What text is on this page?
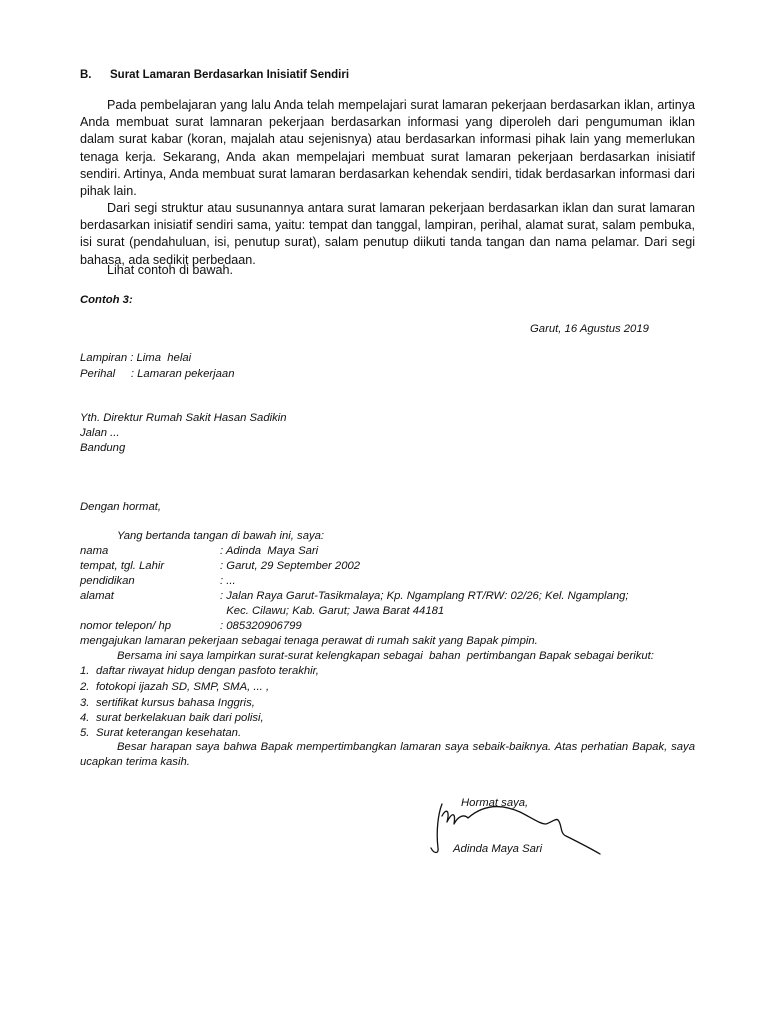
B. Surat Lamaran Berdasarkan Inisiatif Sendiri

Pada pembelajaran yang lalu Anda telah mempelajari surat lamaran pekerjaan berdasarkan iklan, artinya Anda membuat surat lamnaran pekerjaan berdasarkan informasi yang diperoleh dari pengumuman iklan dalam surat kabar (koran, majalah atau sejenisnya) atau berdasarkan informasi pihak lain yang memerlukan tenaga kerja. Sekarang, Anda akan mempelajari membuat surat lamaran pekerjaan berdasarkan inisiatif sendiri. Artinya, Anda membuat surat lamaran berdasarkan kehendak sendiri, tidak berdasarkan informasi dari pihak lain.

Dari segi struktur atau susunannya antara surat lamaran pekerjaan berdasarkan iklan dan surat lamaran berdasarkan inisiatif sendiri sama, yaitu: tempat dan tanggal, lampiran, perihal, alamat surat, salam pembuka, isi surat (pendahuluan, isi, penutup surat), salam penutup diikuti tanda tangan dan nama pelamar. Dari segi bahasa, ada sedikit perbedaan.

Lihat contoh di bawah.

Contoh 3:
Garut, 16 Agustus 2019
Lampiran : Lima  helai
Perihal     : Lamaran pekerjaan
Yth. Direktur Rumah Sakit Hasan Sadikin
Jalan ...
Bandung
Dengan hormat,
Yang bertanda tangan di bawah ini, saya:
nama	: Adinda  Maya Sari
tempat, tgl. Lahir	: Garut, 29 September 2002
pendidikan	: ...
alamat	: Jalan Raya Garut-Tasikmalaya; Kp. Ngamplang RT/RW: 02/26; Kel. Ngamplang;
Kec. Cilawu; Kab. Garut; Jawa Barat 44181
nomor telepon/ hp	: 085320906799
mengajukan lamaran pekerjaan sebagai tenaga perawat di rumah sakit yang Bapak pimpin.
Bersama ini saya lampirkan surat-surat kelengkapan sebagai  bahan  pertimbangan Bapak sebagai berikut:
1. daftar riwayat hidup dengan pasfoto terakhir,
2. fotokopi ijazah SD, SMP, SMA, ... ,
3. sertifikat kursus bahasa Inggris,
4. surat berkelakuan baik dari polisi,
5. Surat keterangan kesehatan.

Besar harapan saya bahwa Bapak mempertimbangkan lamaran saya sebaik-baiknya. Atas perhatian Bapak, saya ucapkan terima kasih.

Hormat saya,
Adinda Maya Sari
